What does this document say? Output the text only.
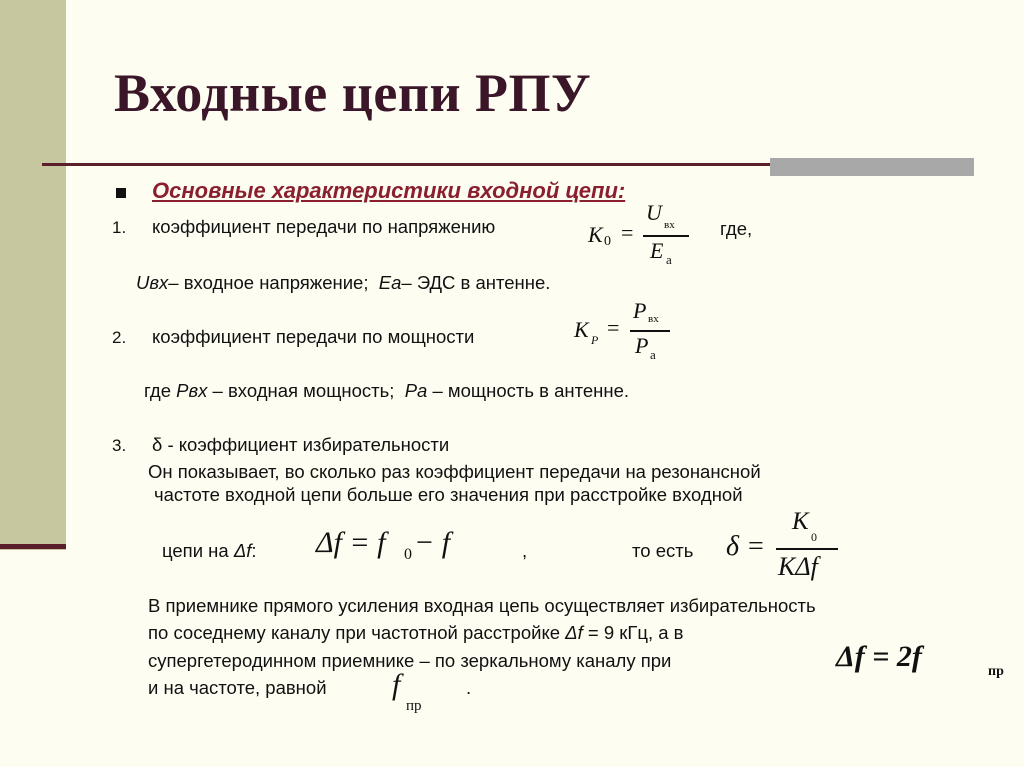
Входные цепи РПУ
Основные характеристики входной цепи:
1. коэффициент передачи по напряжению	K 0 =
U вх
E a
где,
Uвх– входное напряжение; Ea– ЭДС в антенне.
2. коэффициент передачи по мощности	K P =
P вх
P a
где Pвх – входная мощность; Pa – мощность в антенне.
3. δ - коэффициент избирательности
Он показывает, во сколько раз коэффициент передачи на резонансной
частоте входной цепи больше его значения при расстройке входной
цепи на Δf: Δf = f 0 − f	,	то есть δ =
K
0
KΔf
В приемнике прямого усиления входная цепь осуществляет избирательность
по соседнему каналу при частотной расстройке Δf = 9 кГц, а в
супергетеродинном приемнике – по зеркальному каналу при	Δf = 2f	пр
и на частоте, равной f
пр
.
